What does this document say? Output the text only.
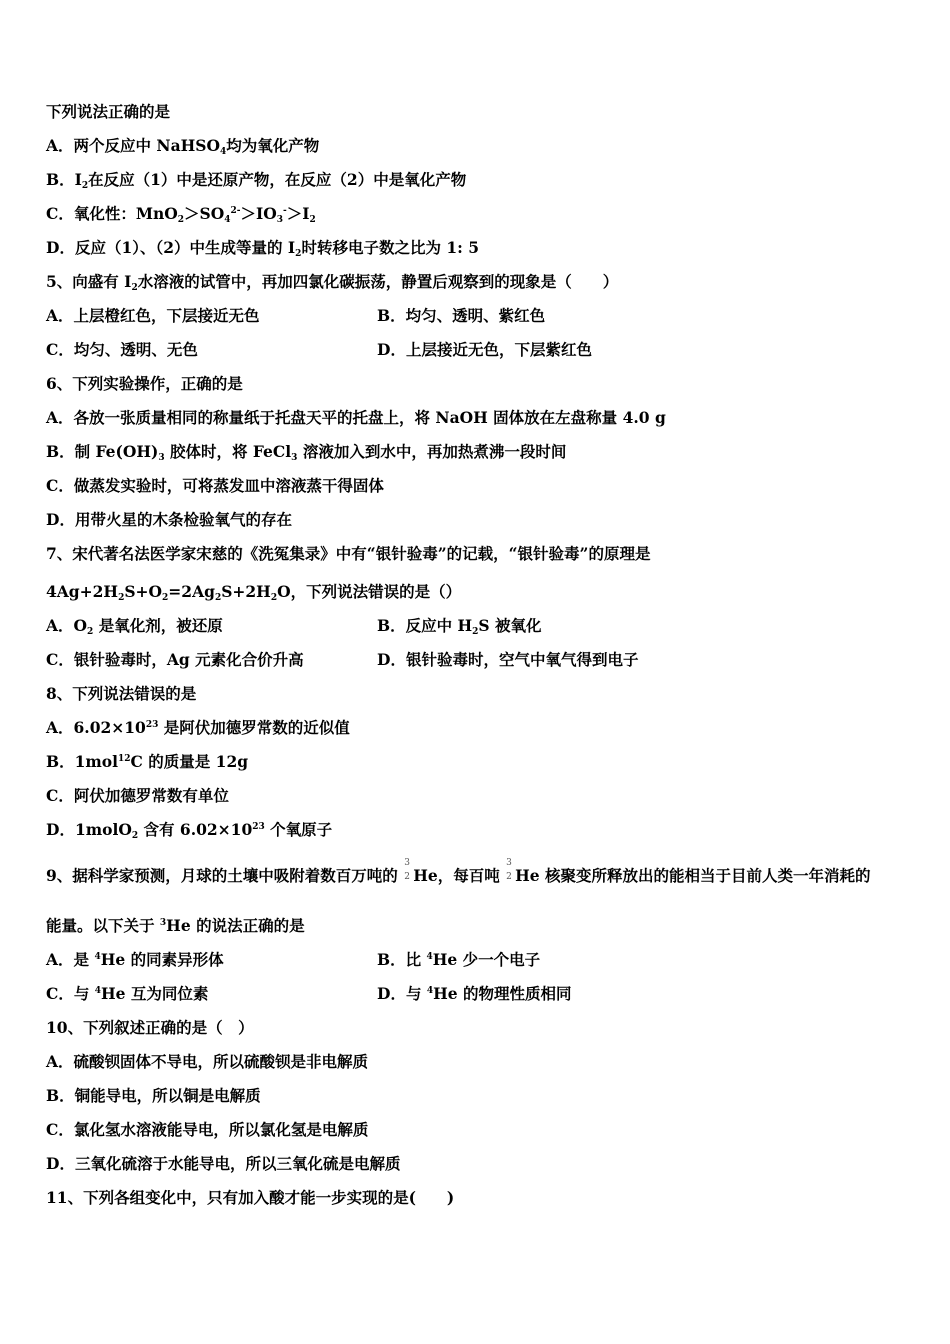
下列说法正确的是
A．两个反应中 NaHSO$_4$均为氧化产物
B．$I_2$在反应（1）中是还原产物，在反应（2）中是氧化产物
C．氧化性：$MnO_2>SO_4^{2-}>IO_3^->I_2$
D．反应（1）、（2）中生成等量的 $I_2$时转移电子数之比为 1: 5
5、向盛有 $I_2$水溶液的试管中，再加四氯化碳振荡，静置后观察到的现象是（　　）
A．上层橙红色，下层接近无色	B．均匀、透明、紫红色
C．均匀、透明、无色	D．上层接近无色，下层紫红色
6、下列实验操作，正确的是
A．各放一张质量相同的称量纸于托盘天平的托盘上，将 NaOH 固体放在左盘称量 4.0 g
B．制 $Fe(OH)_3$ 胶体时，将 FeCl$_3$ 溶液加入到水中，再加热煮沸一段时间
C．做蒸发实验时，可将蒸发皿中溶液蒸干得固体
D．用带火星的木条检验氧气的存在
7、宋代著名法医学家宋慈的《洗冤集录》中有“银针验毒”的记载，“银针验毒”的原理是
$4Ag+2H_2S+O_2=2Ag_2S+2H_2O$，下列说法错误的是（）
A．$O_2$ 是氧化剂，被还原	B．反应中 $H_2S$ 被氧化
C．银针验毒时，Ag 元素化合价升高	D．银针验毒时，空气中氧气得到电子
8、下列说法错误的是
A．$6.02\times 10^{23}$ 是阿伏加德罗常数的近似值
B．1mol$^{12}$C 的质量是 12g
C．阿伏加德罗常数有单位
D．1molO$_2$ 含有 $6.02\times 10^{23}$ 个氧原子
9、据科学家预测，月球的土壤中吸附着数百万吨的
3
2 He，每百吨
3
2 He 核聚变所释放出的能相当于目前人类一年消耗的
能量。以下关于 $^3$He 的说法正确的是
A．是 $^4$He 的同素异形体	B．比 $^4$He 少一个电子
C．与 $^4$He 互为同位素	D．与 $^4$He 的物理性质相同
10、下列叙述正确的是（　）
A．硫酸钡固体不导电，所以硫酸钡是非电解质
B．铜能导电，所以铜是电解质
C．氯化氢水溶液能导电，所以氯化氢是电解质
D．三氧化硫溶于水能导电，所以三氧化硫是电解质
11、下列各组变化中，只有加入酸才能一步实现的是(　　)
